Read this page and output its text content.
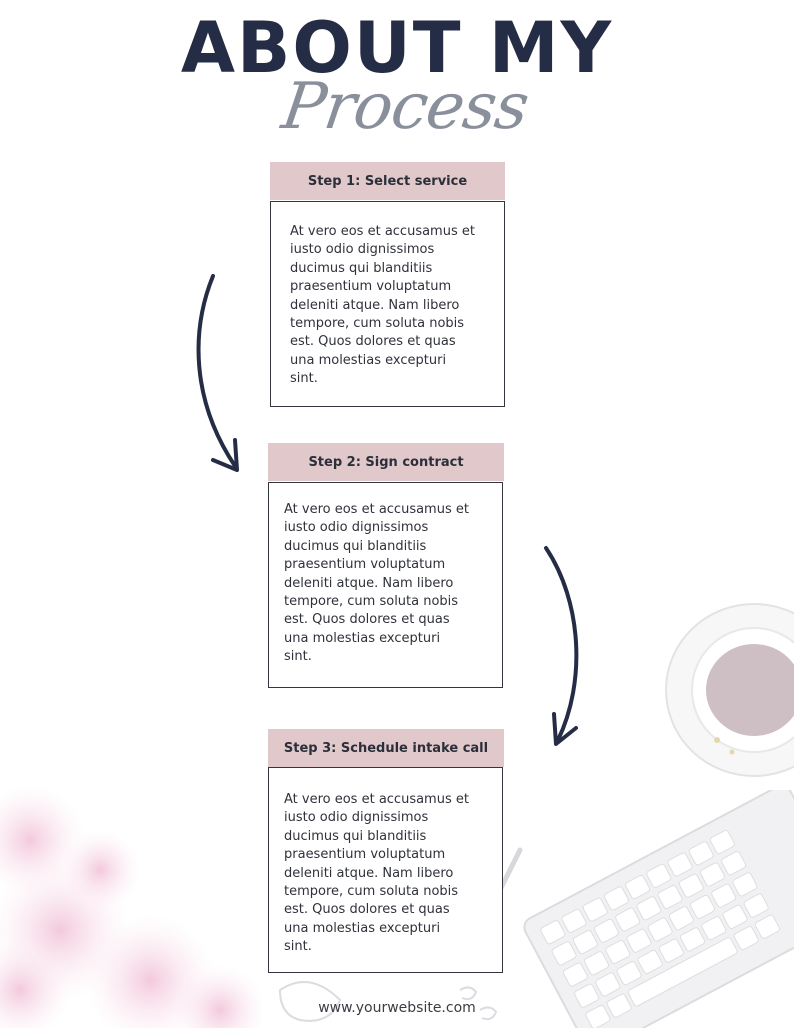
ABOUT MY
Process
Step 1: Select service
At vero eos et accusamus et
iusto odio dignissimos
ducimus qui blanditiis
praesentium voluptatum
deleniti atque. Nam libero
tempore, cum soluta nobis
est. Quos dolores et quas
una molestias excepturi
sint.
Step 2: Sign contract
At vero eos et accusamus et
iusto odio dignissimos
ducimus qui blanditiis
praesentium voluptatum
deleniti atque. Nam libero
tempore, cum soluta nobis
est. Quos dolores et quas
una molestias excepturi
sint.
Step 3: Schedule intake call
At vero eos et accusamus et
iusto odio dignissimos
ducimus qui blanditiis
praesentium voluptatum
deleniti atque. Nam libero
tempore, cum soluta nobis
est. Quos dolores et quas
una molestias excepturi
sint.
www.yourwebsite.com
